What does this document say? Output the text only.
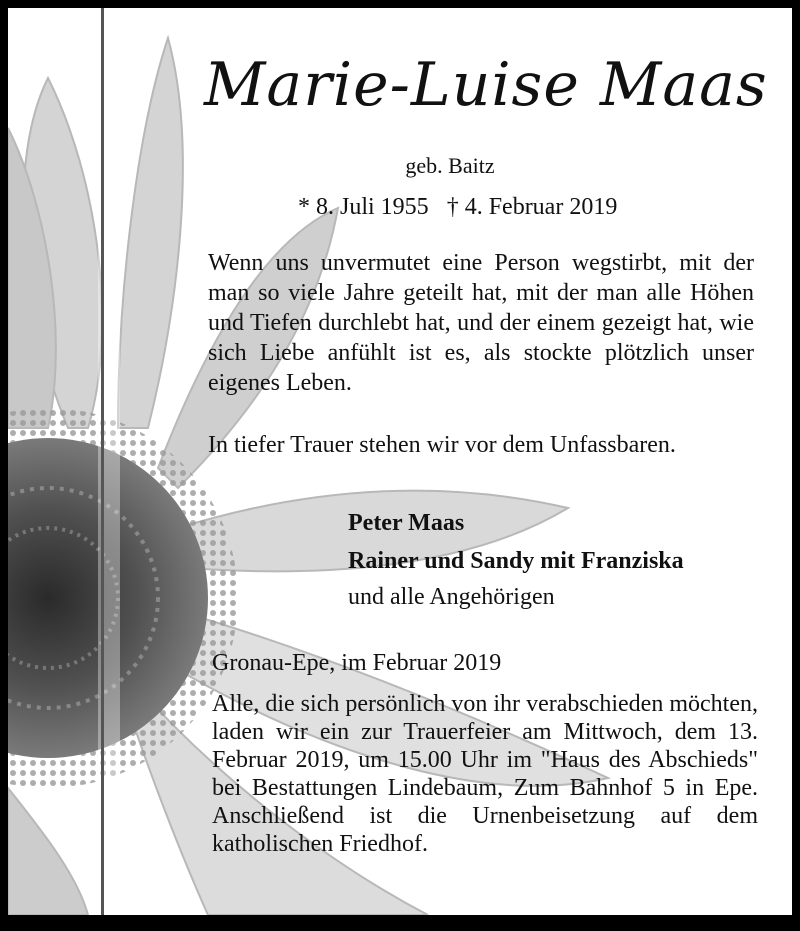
Marie-Luise Maas
geb. Baitz
* 8. Juli 1955 † 4. Februar 2019
Wenn uns unvermutet eine Person wegstirbt, mit der man so viele Jahre geteilt hat, mit der man alle Höhen und Tiefen durchlebt hat, und der einem gezeigt hat, wie sich Liebe anfühlt ist es, als stockte plötzlich unser eigenes Leben.
In tiefer Trauer stehen wir vor dem Unfassbaren.
Peter Maas
Rainer und Sandy mit Franziska
und alle Angehörigen
Gronau-Epe, im Februar 2019
Alle, die sich persönlich von ihr verabschieden möchten, laden wir ein zur Trauerfeier am Mittwoch, dem 13. Februar 2019, um 15.00 Uhr im "Haus des Abschieds" bei Bestattungen Lindebaum, Zum Bahnhof 5 in Epe. Anschließend ist die Urnenbeisetzung auf dem katholischen Friedhof.
